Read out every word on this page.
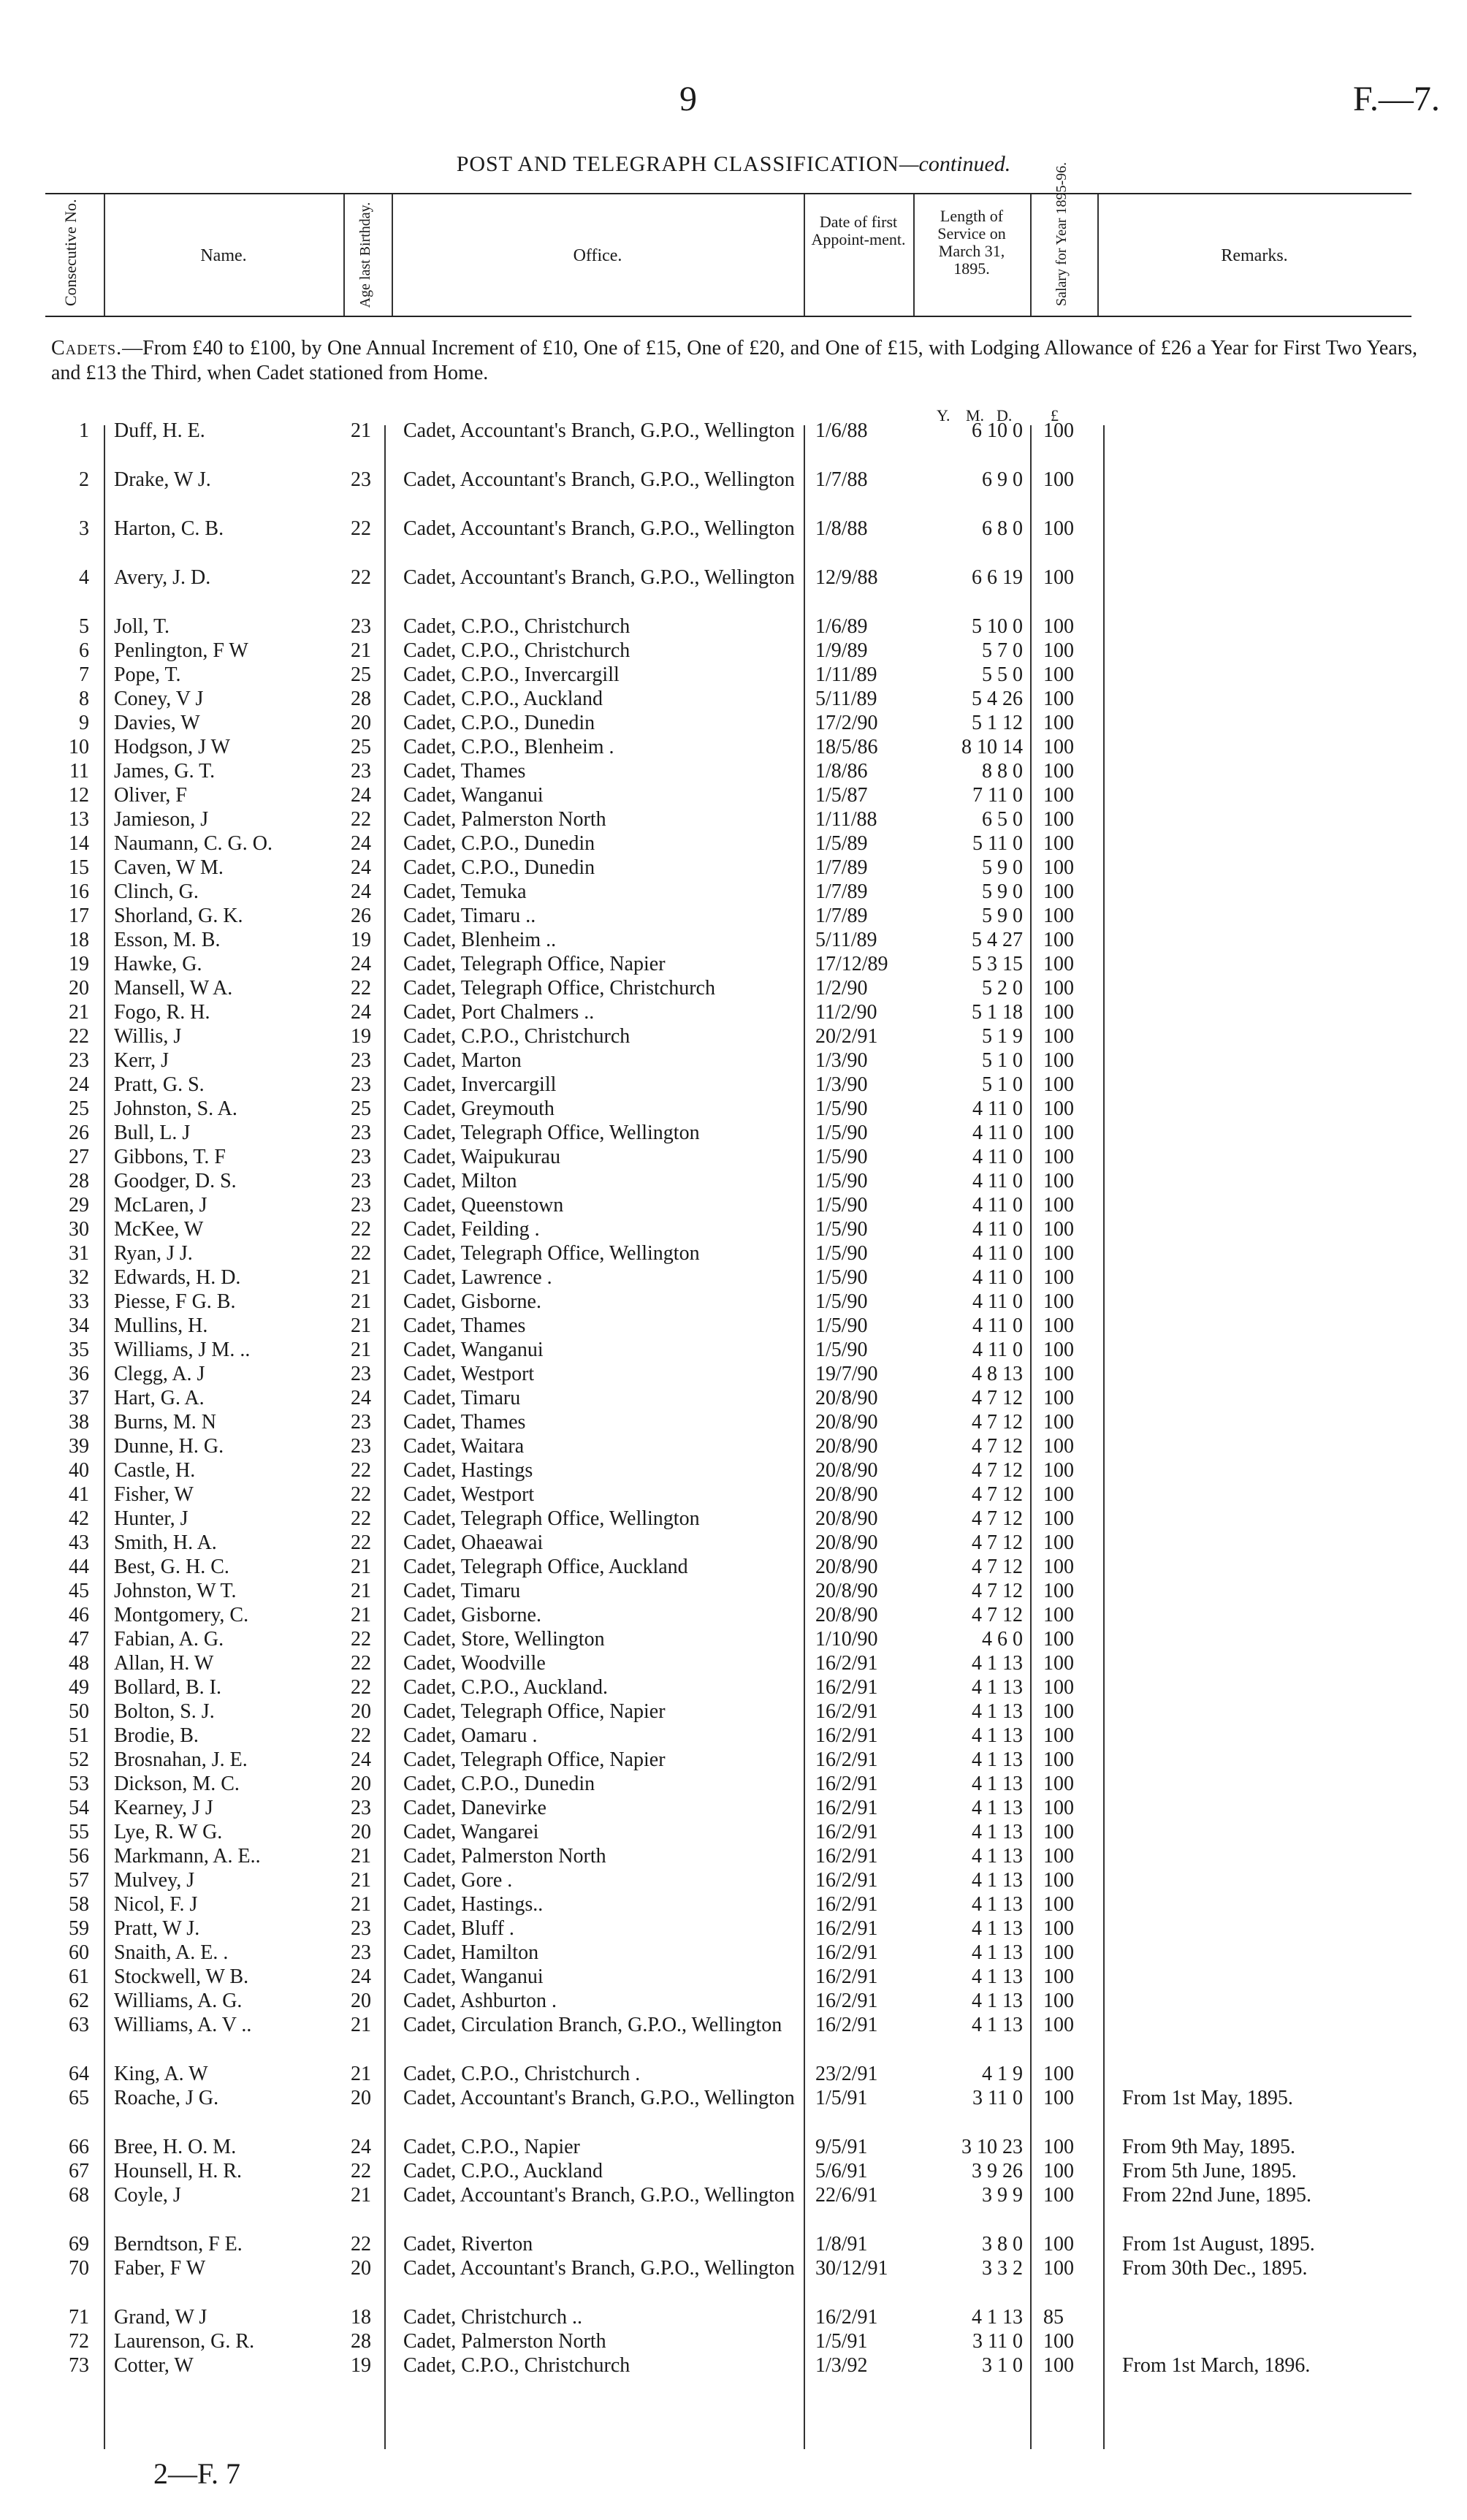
9	F.—7.
POST AND TELEGRAPH CLASSIFICATION—continued.
Consecutive No.	Name.	Age last Birthday.	Office.
Date of first Appoint-ment.
Length of Service on March 31, 1895.	Salary for Year 1895-96.	Remarks.
Cadets.—From £40 to £100, by One Annual Increment of £10, One of £15, One of £20, and One of £15, with Lodging Allowance of £26 a Year for First Two Years, and £13 the Third, when Cadet stationed from Home.
Y. M. D. £
1 Duff, H. E.	21 Cadet, Accountant's Branch, G.P.O., Wellington 1/6/88	6 10 0 100
2 Drake, W J.	23 Cadet, Accountant's Branch, G.P.O., Wellington 1/7/88	6 9 0 100
3 Harton, C. B.	22 Cadet, Accountant's Branch, G.P.O., Wellington 1/8/88	6 8 0 100
4 Avery, J. D.	22 Cadet, Accountant's Branch, G.P.O., Wellington 12/9/88	6 6 19 100
5 Joll, T.	23 Cadet, C.P.O., Christchurch	1/6/89	5 10 0 100
6 Penlington, F W	21 Cadet, C.P.O., Christchurch	1/9/89	5 7 0 100
7 Pope, T.	25 Cadet, C.P.O., Invercargill	1/11/89	5 5 0 100
8 Coney, V J	28 Cadet, C.P.O., Auckland	5/11/89	5 4 26 100
9 Davies, W	20 Cadet, C.P.O., Dunedin	17/2/90	5 1 12 100
10 Hodgson, J W	25 Cadet, C.P.O., Blenheim .	18/5/86	8 10 14 100
11 James, G. T.	23 Cadet, Thames	1/8/86	8 8 0 100
12 Oliver, F	24 Cadet, Wanganui	1/5/87	7 11 0 100
13 Jamieson, J	22 Cadet, Palmerston North	1/11/88	6 5 0 100
14 Naumann, C. G. O.	24 Cadet, C.P.O., Dunedin	1/5/89	5 11 0 100
15 Caven, W M.	24 Cadet, C.P.O., Dunedin	1/7/89	5 9 0 100
16 Clinch, G.	24 Cadet, Temuka	1/7/89	5 9 0 100
17 Shorland, G. K.	26 Cadet, Timaru ..	1/7/89	5 9 0 100
18 Esson, M. B.	19 Cadet, Blenheim ..	5/11/89	5 4 27 100
19 Hawke, G.	24 Cadet, Telegraph Office, Napier	17/12/89	5 3 15 100
20 Mansell, W A.	22 Cadet, Telegraph Office, Christchurch	1/2/90	5 2 0 100
21 Fogo, R. H.	24 Cadet, Port Chalmers ..	11/2/90	5 1 18 100
22 Willis, J	19 Cadet, C.P.O., Christchurch	20/2/91	5 1 9 100
23 Kerr, J	23 Cadet, Marton	1/3/90	5 1 0 100
24 Pratt, G. S.	23 Cadet, Invercargill	1/3/90	5 1 0 100
25 Johnston, S. A.	25 Cadet, Greymouth	1/5/90	4 11 0 100
26 Bull, L. J	23 Cadet, Telegraph Office, Wellington	1/5/90	4 11 0 100
27 Gibbons, T. F	23 Cadet, Waipukurau	1/5/90	4 11 0 100
28 Goodger, D. S.	23 Cadet, Milton	1/5/90	4 11 0 100
29 McLaren, J	23 Cadet, Queenstown	1/5/90	4 11 0 100
30 McKee, W	22 Cadet, Feilding .	1/5/90	4 11 0 100
31 Ryan, J J.	22 Cadet, Telegraph Office, Wellington	1/5/90	4 11 0 100
32 Edwards, H. D.	21 Cadet, Lawrence .	1/5/90	4 11 0 100
33 Piesse, F G. B.	21 Cadet, Gisborne.	1/5/90	4 11 0 100
34 Mullins, H.	21 Cadet, Thames	1/5/90	4 11 0 100
35 Williams, J M. ..	21 Cadet, Wanganui	1/5/90	4 11 0 100
36 Clegg, A. J	23 Cadet, Westport	19/7/90	4 8 13 100
37 Hart, G. A.	24 Cadet, Timaru	20/8/90	4 7 12 100
38 Burns, M. N	23 Cadet, Thames	20/8/90	4 7 12 100
39 Dunne, H. G.	23 Cadet, Waitara	20/8/90	4 7 12 100
40 Castle, H.	22 Cadet, Hastings	20/8/90	4 7 12 100
41 Fisher, W	22 Cadet, Westport	20/8/90	4 7 12 100
42 Hunter, J	22 Cadet, Telegraph Office, Wellington	20/8/90	4 7 12 100
43 Smith, H. A.	22 Cadet, Ohaeawai	20/8/90	4 7 12 100
44 Best, G. H. C.	21 Cadet, Telegraph Office, Auckland	20/8/90	4 7 12 100
45 Johnston, W T.	21 Cadet, Timaru	20/8/90	4 7 12 100
46 Montgomery, C.	21 Cadet, Gisborne.	20/8/90	4 7 12 100
47 Fabian, A. G.	22 Cadet, Store, Wellington	1/10/90	4 6 0 100
48 Allan, H. W	22 Cadet, Woodville	16/2/91	4 1 13 100
49 Bollard, B. I.	22 Cadet, C.P.O., Auckland.	16/2/91	4 1 13 100
50 Bolton, S. J.	20 Cadet, Telegraph Office, Napier	16/2/91	4 1 13 100
51 Brodie, B.	22 Cadet, Oamaru .	16/2/91	4 1 13 100
52 Brosnahan, J. E.	24 Cadet, Telegraph Office, Napier	16/2/91	4 1 13 100
53 Dickson, M. C.	20 Cadet, C.P.O., Dunedin	16/2/91	4 1 13 100
54 Kearney, J J	23 Cadet, Danevirke	16/2/91	4 1 13 100
55 Lye, R. W G.	20 Cadet, Wangarei	16/2/91	4 1 13 100
56 Markmann, A. E..	21 Cadet, Palmerston North	16/2/91	4 1 13 100
57 Mulvey, J	21 Cadet, Gore .	16/2/91	4 1 13 100
58 Nicol, F. J	21 Cadet, Hastings..	16/2/91	4 1 13 100
59 Pratt, W J.	23 Cadet, Bluff .	16/2/91	4 1 13 100
60 Snaith, A. E. .	23 Cadet, Hamilton	16/2/91	4 1 13 100
61 Stockwell, W B.	24 Cadet, Wanganui	16/2/91	4 1 13 100
62 Williams, A. G.	20 Cadet, Ashburton .	16/2/91	4 1 13 100
63 Williams, A. V ..	21 Cadet, Circulation Branch, G.P.O., Wellington	16/2/91	4 1 13 100
64 King, A. W	21 Cadet, C.P.O., Christchurch .	23/2/91	4 1 9 100
65 Roache, J G.	20 Cadet, Accountant's Branch, G.P.O., Wellington 1/5/91	3 11 0 100 From 1st May, 1895.
66 Bree, H. O. M.	24 Cadet, C.P.O., Napier	9/5/91	3 10 23 100 From 9th May, 1895.
67 Hounsell, H. R.	22 Cadet, C.P.O., Auckland	5/6/91	3 9 26 100 From 5th June, 1895.
68 Coyle, J	21 Cadet, Accountant's Branch, G.P.O., Wellington 22/6/91	3 9 9 100 From 22nd June, 1895.
69 Berndtson, F E.	22 Cadet, Riverton	1/8/91	3 8 0 100 From 1st August, 1895.
70 Faber, F W	20 Cadet, Accountant's Branch, G.P.O., Wellington 30/12/91	3 3 2 100 From 30th Dec., 1895.
71 Grand, W J	18 Cadet, Christchurch ..	16/2/91	4 1 13 85
72 Laurenson, G. R.	28 Cadet, Palmerston North	1/5/91	3 11 0 100
73 Cotter, W	19 Cadet, C.P.O., Christchurch	1/3/92	3 1 0 100 From 1st March, 1896.
2—F. 7
